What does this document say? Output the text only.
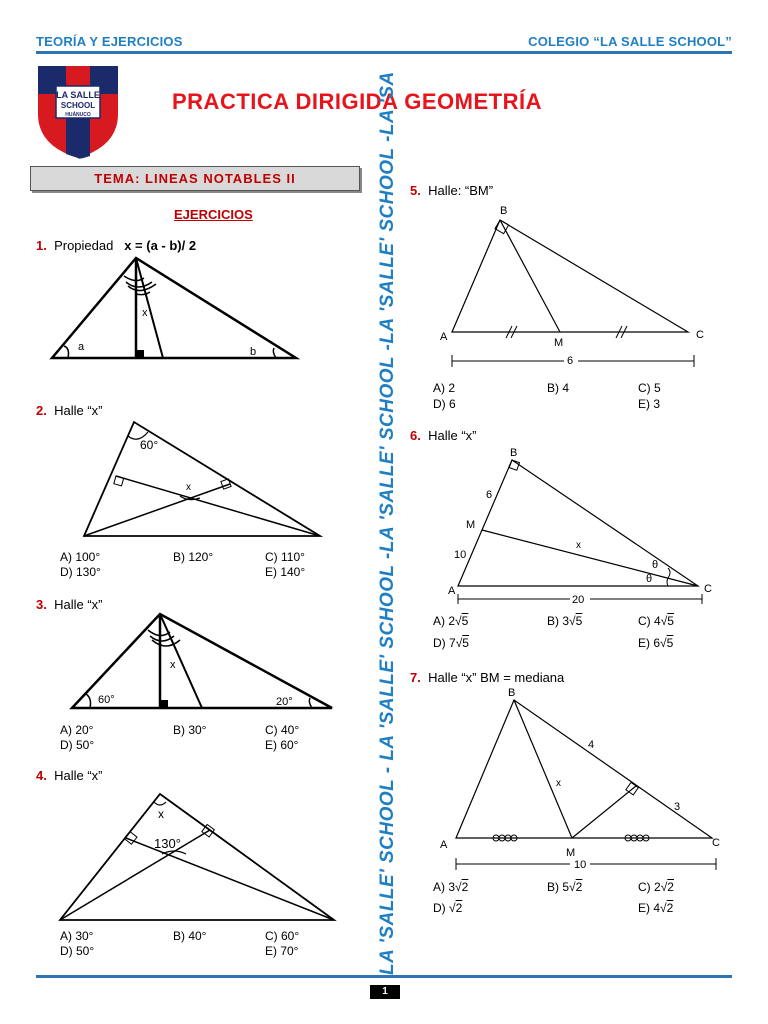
TEORÍA Y EJERCICIOS	COLEGIO “LA SALLE SCHOOL”
LA SALLE
SCHOOL
HUÁNUCO
PRACTICA DIRIGIDA GEOMETRÍA
TEMA: LINEAS NOTABLES II
EJERCICIOS
1. Propiedad x = (a - b)/ 2
x
a	b
2. Halle “x”
60°
x
A) 100°	B) 120°	C) 110°
D) 130°	E) 140°
3. Halle “x”
x
60°	20°
A) 20°	B) 30°	C) 40°
D) 50°	E) 60°
4. Halle “x”
x
130°
A) 30°	B) 40°	C) 60°
D) 50°	E) 70°	LA 'SALLE' SCHOOL - LA 'SALLE' SCHOOL -LA 'SALLE' SCHOOL -LA 'SALLE' SCHOOL -LA 'SA 5. Halle: “BM”
B
A	M
C
6
A) 2	B) 4	C) 5
D) 6	E) 3
6. Halle “x”
B
M
A	C
6
10
x
θ
θ
20
A) 2√5	B) 3√5	C) 4√5
D) 7√5	E) 6√5
7. Halle “x” BM = mediana
B
A
M
C
4
3
x
10
A) 3√2	B) 5√2	C) 2√2
D) √2	E) 4√2
1
